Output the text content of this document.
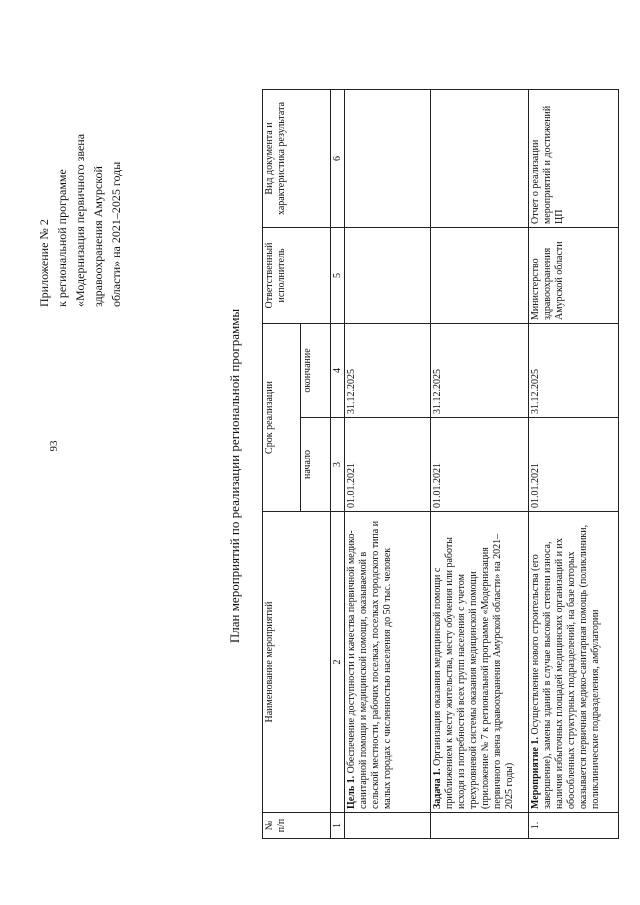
93
Приложение № 2 к региональной программе «Модернизация первичного звена здравоохранения Амурской области» на 2021–2025 годы
План мероприятий по реализации региональной программы
№ п/п	Наименование мероприятий	Срок реализации		Ответственный исполнитель	Вид документа и характеристика результата
		начало	окончание		
1	2	3	4	5	6
	Цель 1. Обеспечение доступности и качества первичной медико-санитарной помощи и медицинской помощи, оказываемой в сельской местности, рабочих поселках, поселках городского типа и малых городах с численностью населения до 50 тыс. человек	01.01.2021	31.12.2025		
	Задача 1. Организация оказания медицинской помощи с приближением к месту жительства, месту обучения или работы исходя из потребностей всех групп населения с учетом трехуровневой системы оказания медицинской помощи (приложение № 7 к региональной программе «Модернизация первичного звена здравоохранения Амурской области» на 2021–2025 годы)	01.01.2021	31.12.2025		
1.	Мероприятие 1. Осуществление нового строительства (его завершение), замены зданий в случае высокой степени износа, наличия избыточных площадей медицинских организаций и их обособленных структурных подразделений, на базе которых оказывается первичная медико-санитарная помощь (поликлиники, поликлинические подразделения, амбулатории	01.01.2021	31.12.2025	Министерство здравоохранения Амурской области	Отчет о реализации мероприятий и достижений ЦП
